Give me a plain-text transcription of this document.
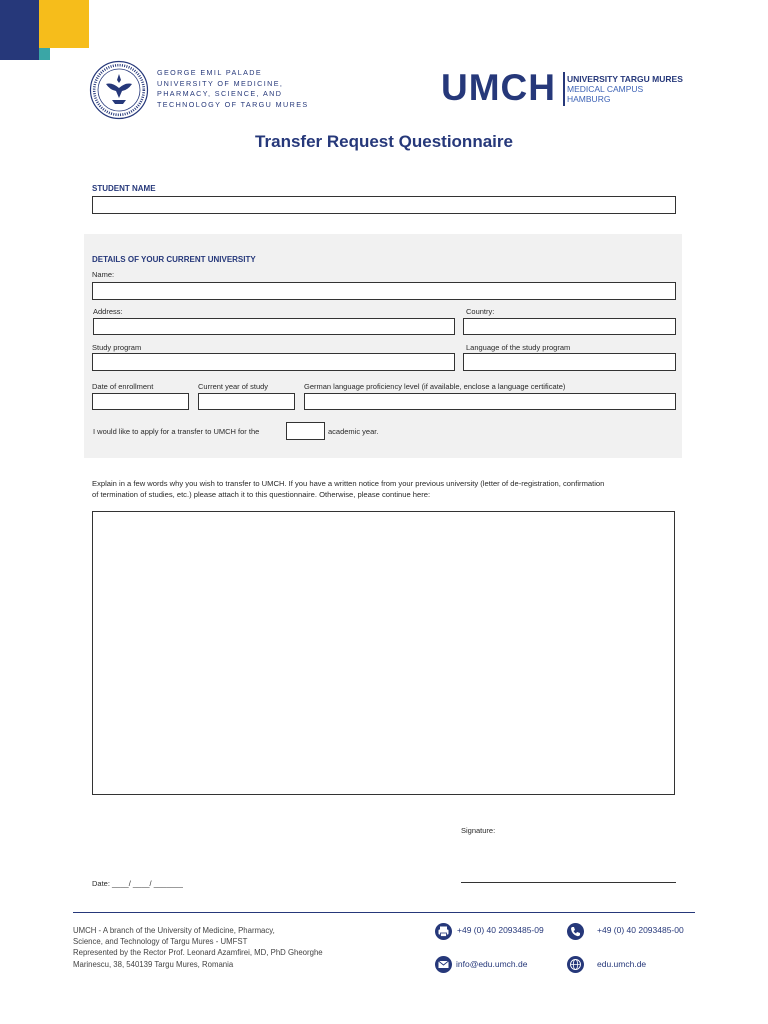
GEORGE EMIL PALADE
UNIVERSITY OF MEDICINE,
PHARMACY, SCIENCE, AND
TECHNOLOGY OF TARGU MURES	UMCH UNIVERSITY TARGU MURES
MEDICAL CAMPUS
HAMBURG
Transfer Request Questionnaire
STUDENT NAME
DETAILS OF YOUR CURRENT UNIVERSITY
Name:
Address:	Country:
Study program	Language of the study program
Date of enrollment	Current year of study	German language proficiency level (if available, enclose a language certificate)
I would like to apply for a transfer to UMCH for the	academic year.
Explain in a few words why you wish to transfer to UMCH. If you have a written notice from your previous university (letter of de-registration, confirmation
of termination of studies, etc.) please attach it to this questionnaire. Otherwise, please continue here:
Signature:
Date: ____/ ____/ _______
UMCH - A branch of the University of Medicine, Pharmacy,
Science, and Technology of Targu Mures - UMFST
Represented by the Rector Prof. Leonard Azamfirei, MD, PhD Gheorghe
Marinescu, 38, 540139 Targu Mures, Romania
+49 (0) 40 2093485-09	+49 (0) 40 2093485-00
info@edu.umch.de	edu.umch.de
